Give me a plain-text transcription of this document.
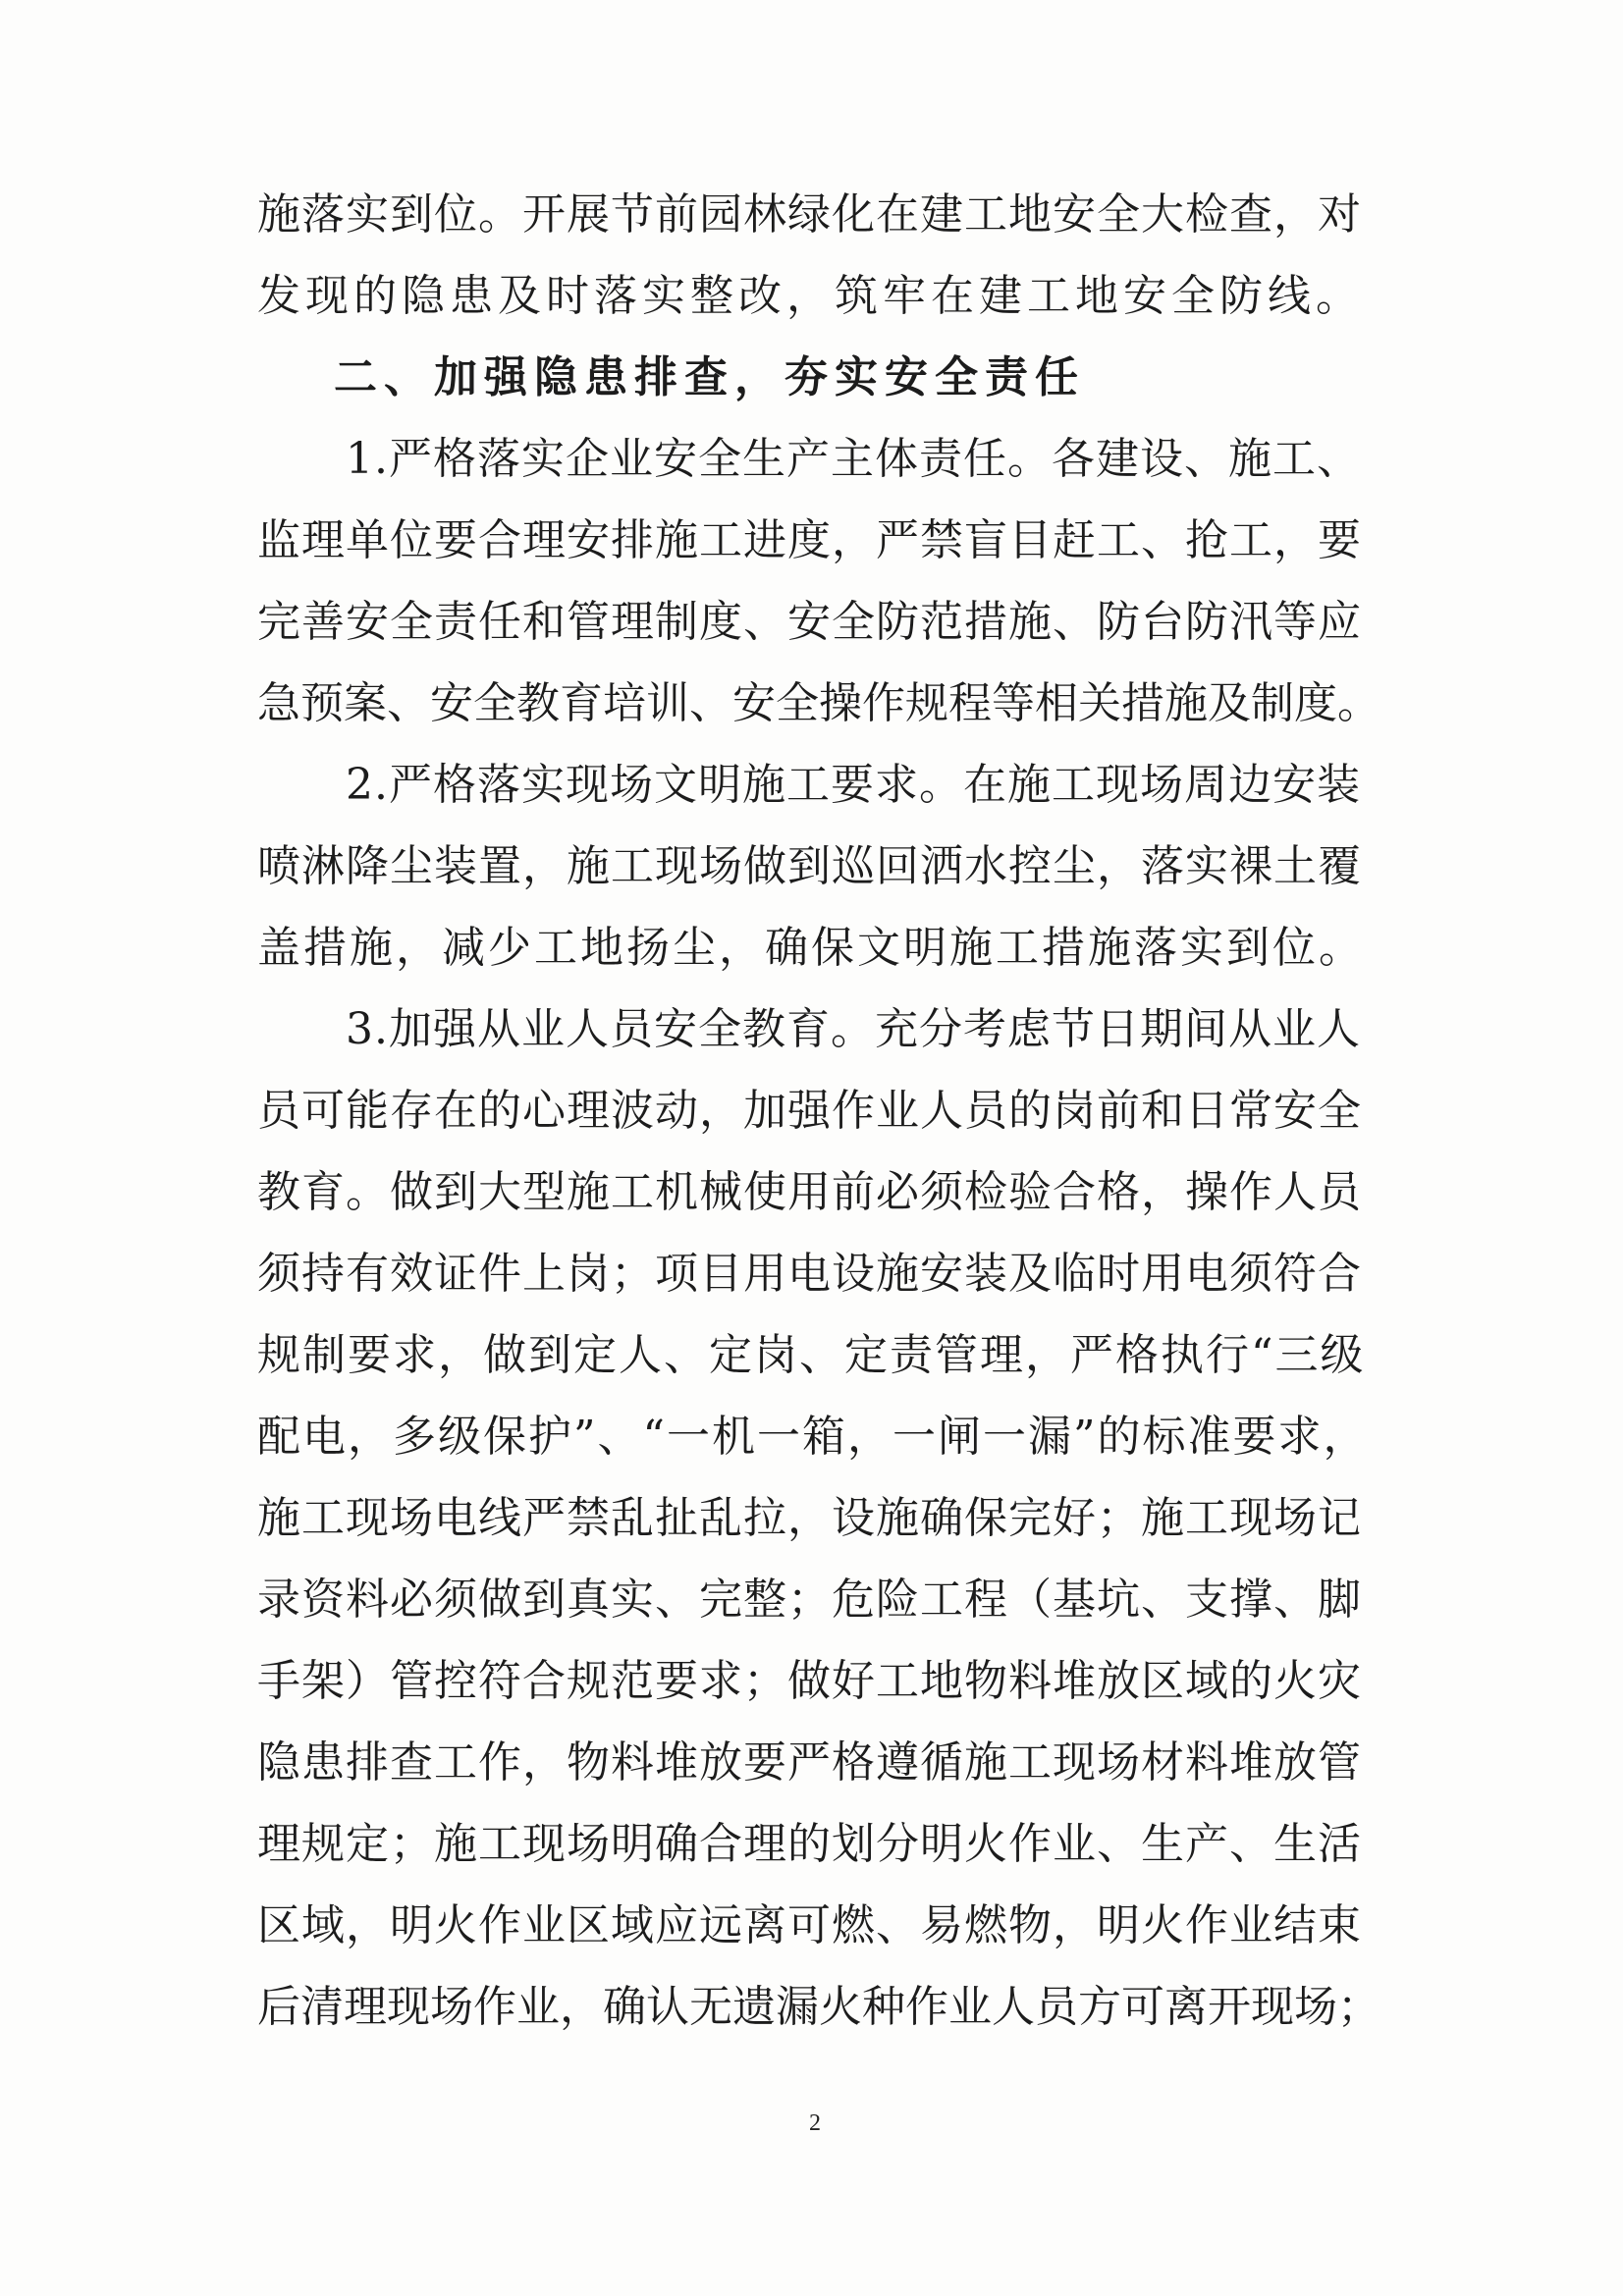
施落实到位。开展节前园林绿化在建工地安全大检查，对
发现的隐患及时落实整改，筑牢在建工地安全防线。
二、加强隐患排查，夯实安全责任
1.严格落实企业安全生产主体责任。各建设、施工、
监理单位要合理安排施工进度，严禁盲目赶工、抢工，要
完善安全责任和管理制度、安全防范措施、防台防汛等应
急预案、安全教育培训、安全操作规程等相关措施及制度。
2.严格落实现场文明施工要求。在施工现场周边安装
喷淋降尘装置，施工现场做到巡回洒水控尘，落实裸土覆
盖措施，减少工地扬尘，确保文明施工措施落实到位。
3.加强从业人员安全教育。充分考虑节日期间从业人
员可能存在的心理波动，加强作业人员的岗前和日常安全
教育。做到大型施工机械使用前必须检验合格，操作人员
须持有效证件上岗；项目用电设施安装及临时用电须符合
规制要求，做到定人、定岗、定责管理，严格执行“三级
配电，多级保护”、“一机一箱，一闸一漏”的标准要求，
施工现场电线严禁乱扯乱拉，设施确保完好；施工现场记
录资料必须做到真实、完整；危险工程（基坑、支撑、脚
手架）管控符合规范要求；做好工地物料堆放区域的火灾
隐患排查工作，物料堆放要严格遵循施工现场材料堆放管
理规定；施工现场明确合理的划分明火作业、生产、生活
区域，明火作业区域应远离可燃、易燃物，明火作业结束
后清理现场作业，确认无遗漏火种作业人员方可离开现场；
2
